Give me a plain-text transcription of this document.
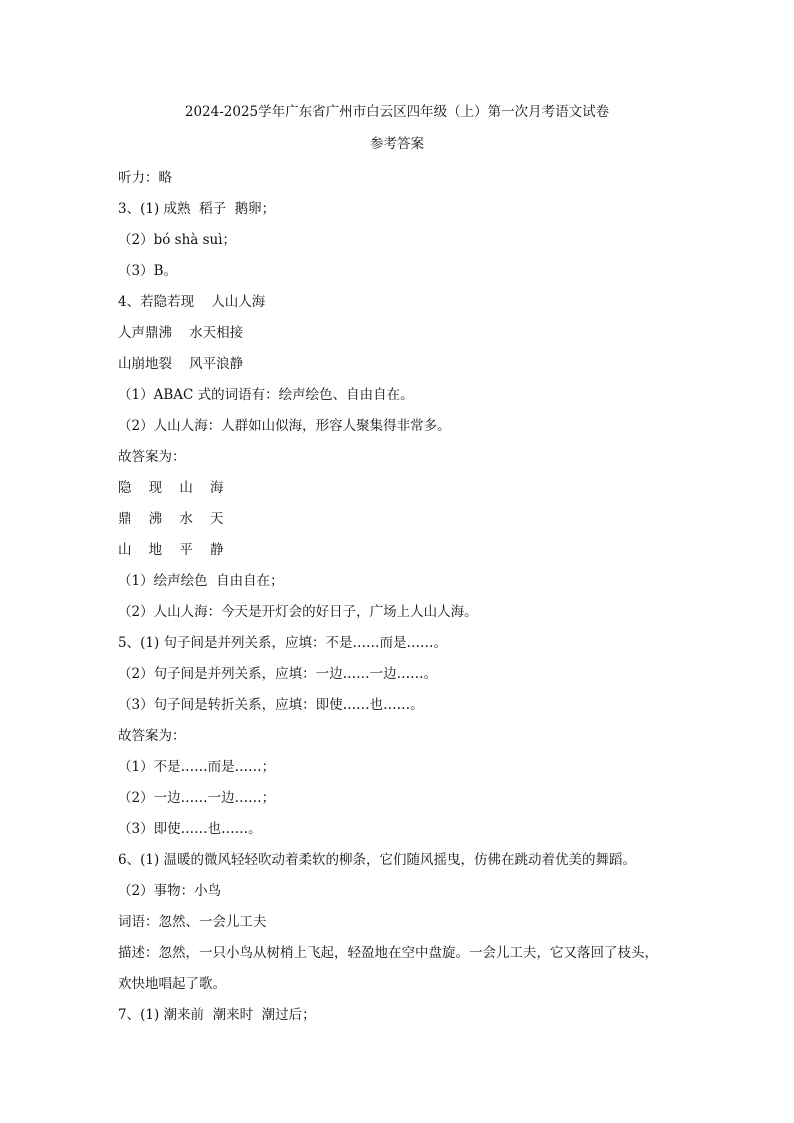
2024-2025学年广东省广州市白云区四年级（上）第一次月考语文试卷
参考答案
听力：略
3、(1) 成熟  稻子  鹅卵；
（2）bó shà suì；
（3）B。
4、若隐若现    人山人海
人声鼎沸    水天相接
山崩地裂    风平浪静
（1）ABAC 式的词语有：绘声绘色、自由自在。
（2）人山人海：人群如山似海，形容人聚集得非常多。
故答案为：
隐    现    山    海
鼎    沸    水    天
山    地    平    静
（1）绘声绘色  自由自在；
（2）人山人海：今天是开灯会的好日子，广场上人山人海。
5、(1) 句子间是并列关系，应填：不是……而是……。
（2）句子间是并列关系，应填：一边……一边……。
（3）句子间是转折关系，应填：即使……也……。
故答案为：
（1）不是……而是……；
（2）一边……一边……；
（3）即使……也……。
6、(1) 温暖的微风轻轻吹动着柔软的柳条，它们随风摇曳，仿佛在跳动着优美的舞蹈。
（2）事物：小鸟
词语：忽然、一会儿工夫
描述：忽然，一只小鸟从树梢上飞起，轻盈地在空中盘旋。一会儿工夫，它又落回了枝头，
欢快地唱起了歌。
7、(1) 潮来前  潮来时  潮过后；
